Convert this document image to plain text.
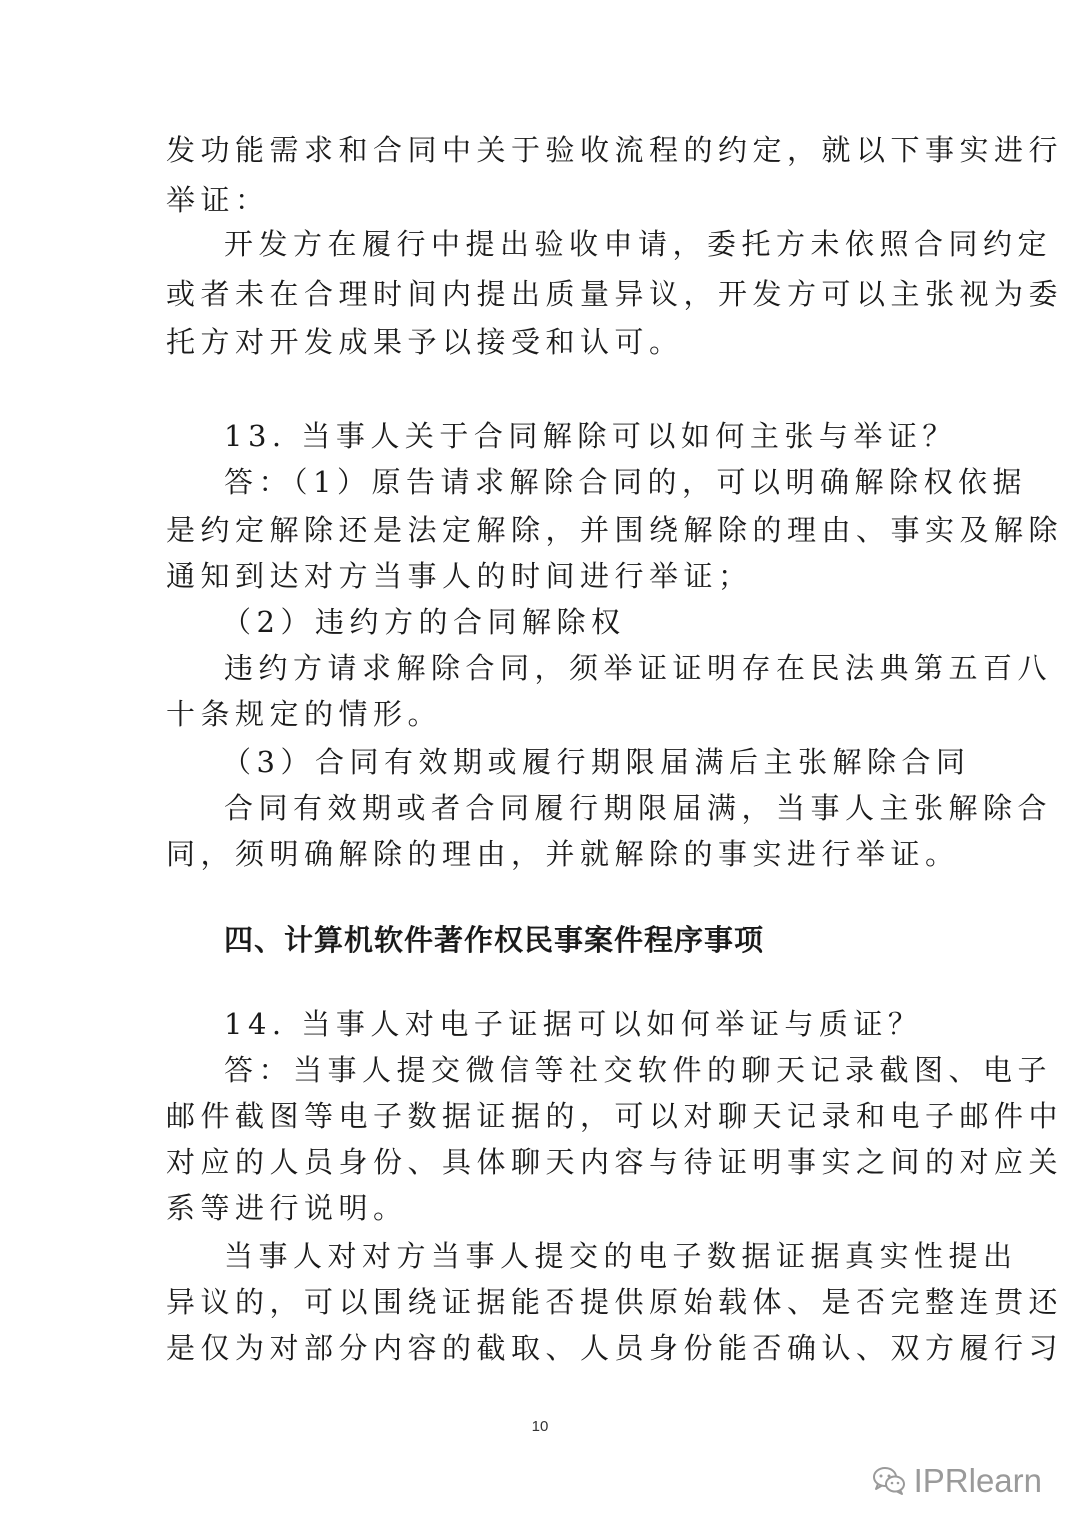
发功能需求和合同中关于验收流程的约定，就以下事实进行
举证：
开发方在履行中提出验收申请，委托方未依照合同约定
或者未在合理时间内提出质量异议，开发方可以主张视为委
托方对开发成果予以接受和认可。
13. 当事人关于合同解除可以如何主张与举证？
答：（1）原告请求解除合同的，可以明确解除权依据
是约定解除还是法定解除，并围绕解除的理由、事实及解除
通知到达对方当事人的时间进行举证；
（2）违约方的合同解除权
违约方请求解除合同，须举证证明存在民法典第五百八
十条规定的情形。
（3）合同有效期或履行期限届满后主张解除合同
合同有效期或者合同履行期限届满，当事人主张解除合
同，须明确解除的理由，并就解除的事实进行举证。
四、计算机软件著作权民事案件程序事项
14. 当事人对电子证据可以如何举证与质证？
答：当事人提交微信等社交软件的聊天记录截图、电子
邮件截图等电子数据证据的，可以对聊天记录和电子邮件中
对应的人员身份、具体聊天内容与待证明事实之间的对应关
系等进行说明。
当事人对对方当事人提交的电子数据证据真实性提出
异议的，可以围绕证据能否提供原始载体、是否完整连贯还
是仅为对部分内容的截取、人员身份能否确认、双方履行习
10
IPRlearn
